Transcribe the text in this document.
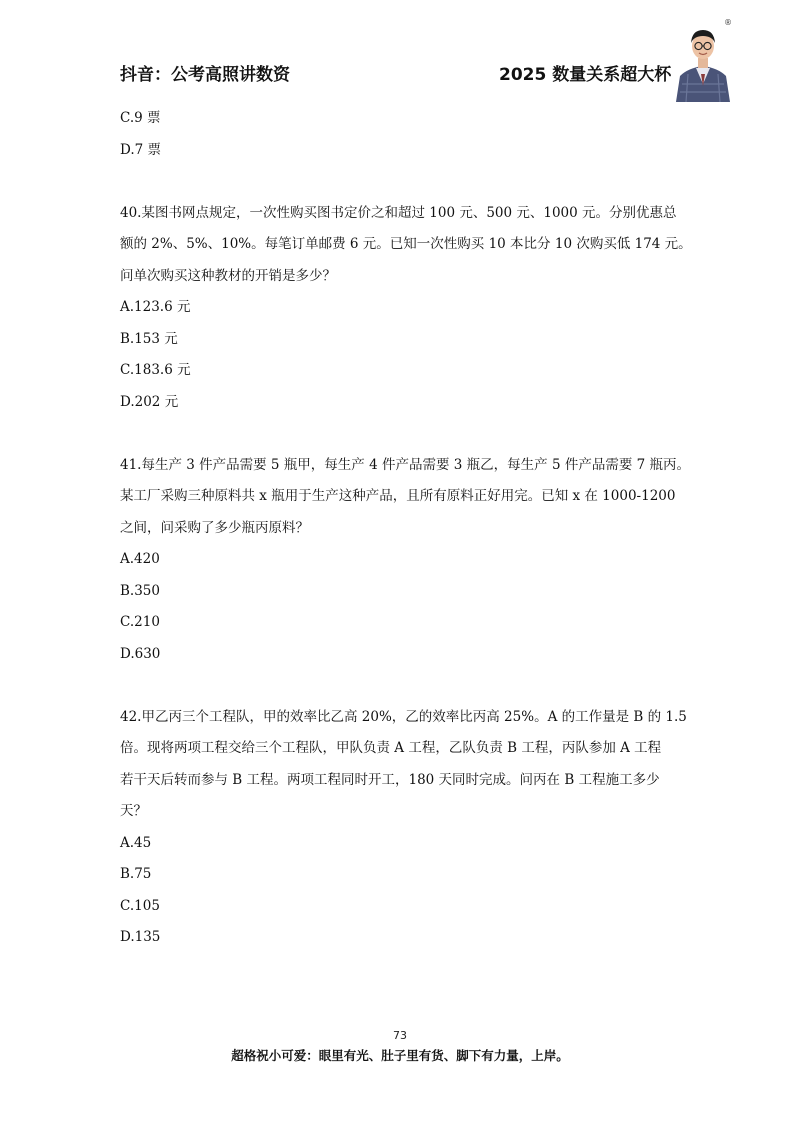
抖音：公考高照讲数资	2025 数量关系超大杯
®
C.9 票
D.7 票
40.某图书网点规定，一次性购买图书定价之和超过 100 元、500 元、1000 元。分别优惠总
额的 2%、5%、10%。每笔订单邮费 6 元。已知一次性购买 10 本比分 10 次购买低 174 元。
问单次购买这种教材的开销是多少？
A.123.6 元
B.153 元
C.183.6 元
D.202 元
41.每生产 3 件产品需要 5 瓶甲，每生产 4 件产品需要 3 瓶乙，每生产 5 件产品需要 7 瓶丙。
某工厂采购三种原料共 x 瓶用于生产这种产品，且所有原料正好用完。已知 x 在 1000-1200
之间，问采购了多少瓶丙原料？
A.420
B.350
C.210
D.630
42.甲乙丙三个工程队，甲的效率比乙高 20%，乙的效率比丙高 25%。A 的工作量是 B 的 1.5
倍。现将两项工程交给三个工程队，甲队负责 A 工程，乙队负责 B 工程，丙队参加 A 工程
若干天后转而参与 B 工程。两项工程同时开工，180 天同时完成。问丙在 B 工程施工多少
天？
A.45
B.75
C.105
D.135
73
超格祝小可爱：眼里有光、肚子里有货、脚下有力量，上岸。
